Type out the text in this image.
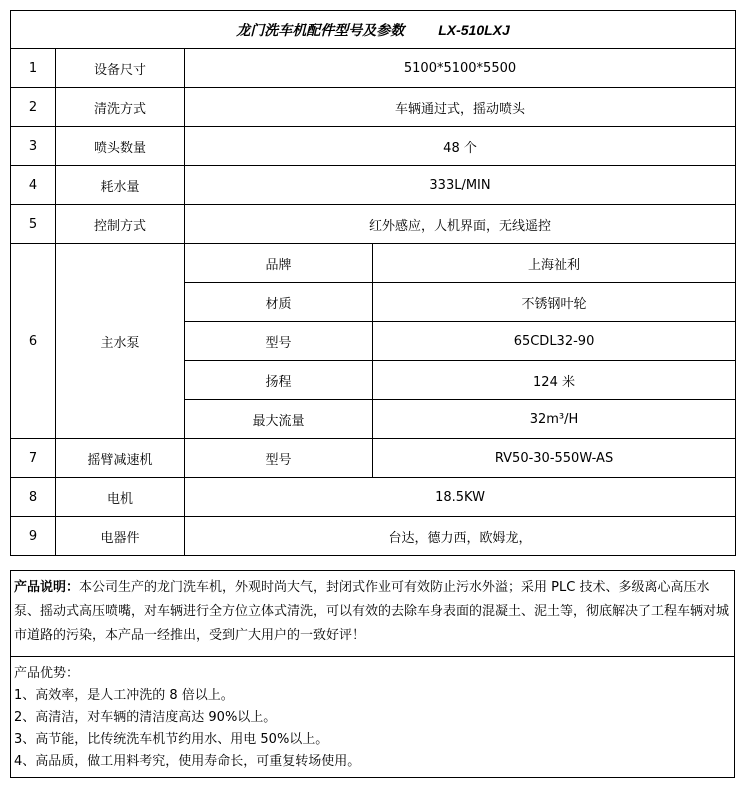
龙门洗车机配件型号及参数 LX-510LXJ			
1	设备尺寸	5100*5100*5500	
2	清洗方式	车辆通过式，摇动喷头	
3	喷头数量	48 个	
4	耗水量	333L/MIN	
5	控制方式	红外感应，人机界面，无线遥控	
6	主水泵	品牌	上海祉利
		材质	不锈钢叶轮
		型号	65CDL32-90
		扬程	124 米
		最大流量	32m³/H
7	摇臂减速机	型号	RV50-30-550W-AS
8	电机	18.5KW	
9	电器件	台达，德力西，欧姆龙，	
产品说明：本公司生产的龙门洗车机，外观时尚大气，封闭式作业可有效防止污水外溢；采用 PLC 技术、多级离心高压水泵、摇动式高压喷嘴，对车辆进行全方位立体式清洗，可以有效的去除车身表面的混凝土、泥土等，彻底解决了工程车辆对城市道路的污染，本产品一经推出，受到广大用户的一致好评！
产品优势：
1、高效率，是人工冲洗的 8 倍以上。
2、高清洁，对车辆的清洁度高达 90%以上。
3、高节能，比传统洗车机节约用水、用电 50%以上。
4、高品质，做工用料考究，使用寿命长，可重复转场使用。
